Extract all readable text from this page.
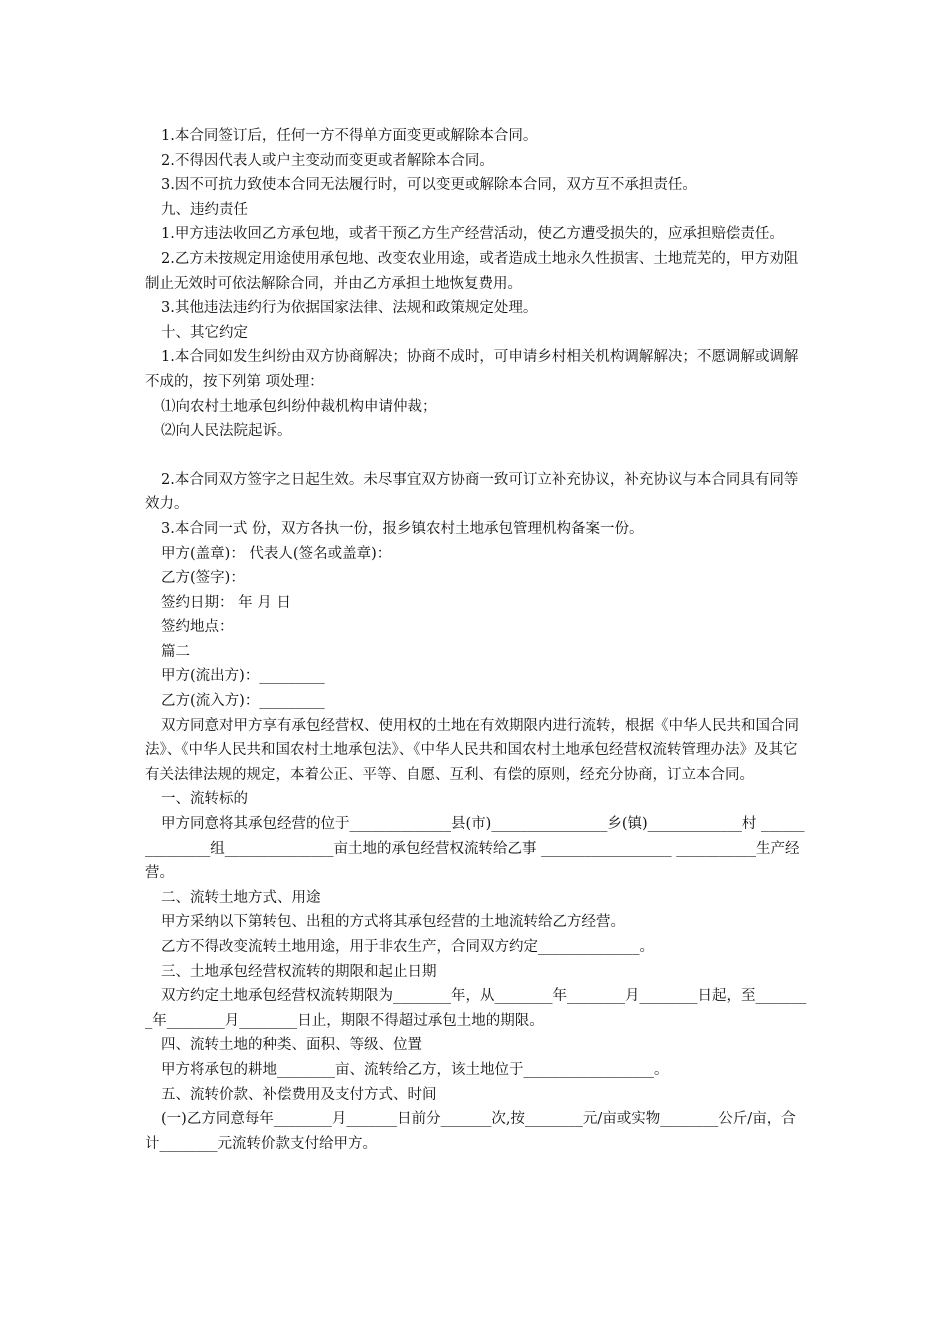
1.本合同签订后，任何一方不得单方面变更或解除本合同。

2.不得因代表人或户主变动而变更或者解除本合同。

3.因不可抗力致使本合同无法履行时，可以变更或解除本合同，双方互不承担责任。

九、违约责任

1.甲方违法收回乙方承包地，或者干预乙方生产经营活动，使乙方遭受损失的，应承担赔偿责任。

2.乙方未按规定用途使用承包地、改变农业用途，或者造成土地永久性损害、土地荒芜的，甲方劝阻制止无效时可依法解除合同，并由乙方承担土地恢复费用。

3.其他违法违约行为依据国家法律、法规和政策规定处理。

十、其它约定

1.本合同如发生纠纷由双方协商解决；协商不成时，可申请乡村相关机构调解解决；不愿调解或调解不成的，按下列第 项处理：

⑴向农村土地承包纠纷仲裁机构申请仲裁；

⑵向人民法院起诉。

2.本合同双方签字之日起生效。未尽事宜双方协商一致可订立补充协议，补充协议与本合同具有同等效力。

3.本合同一式 份，双方各执一份，报乡镇农村土地承包管理机构备案一份。

甲方(盖章)： 代表人(签名或盖章)：

乙方(签字)：

签约日期： 年 月 日

签约地点：

篇二

甲方(流出方)：_________

乙方(流入方)：_________

双方同意对甲方享有承包经营权、使用权的土地在有效期限内进行流转，根据《中华人民共和国合同法》、《中华人民共和国农村土地承包法》、《中华人民共和国农村土地承包经营权流转管理办法》及其它有关法律法规的规定，本着公正、平等、自愿、互利、有偿的原则，经充分协商，订立本合同。

一、流转标的

甲方同意将其承包经营的位于______________县(市)________________乡(镇)_____________村 _______________组_______________亩土地的承包经营权流转给乙事 __________________ ___________生产经营。

二、流转土地方式、用途

甲方采纳以下第转包、出租的方式将其承包经营的土地流转给乙方经营。

乙方不得改变流转土地用途，用于非农生产，合同双方约定______________。

三、土地承包经营权流转的期限和起止日期

双方约定土地承包经营权流转期限为________年，从________年________月________日起，至________年________月________日止，期限不得超过承包土地的期限。

四、流转土地的种类、面积、等级、位置

甲方将承包的耕地________亩、流转给乙方，该土地位于__________________。

五、流转价款、补偿费用及支付方式、时间

(一)乙方同意每年________月_______日前分_______次,按________元/亩或实物________公斤/亩，合计________元流转价款支付给甲方。
